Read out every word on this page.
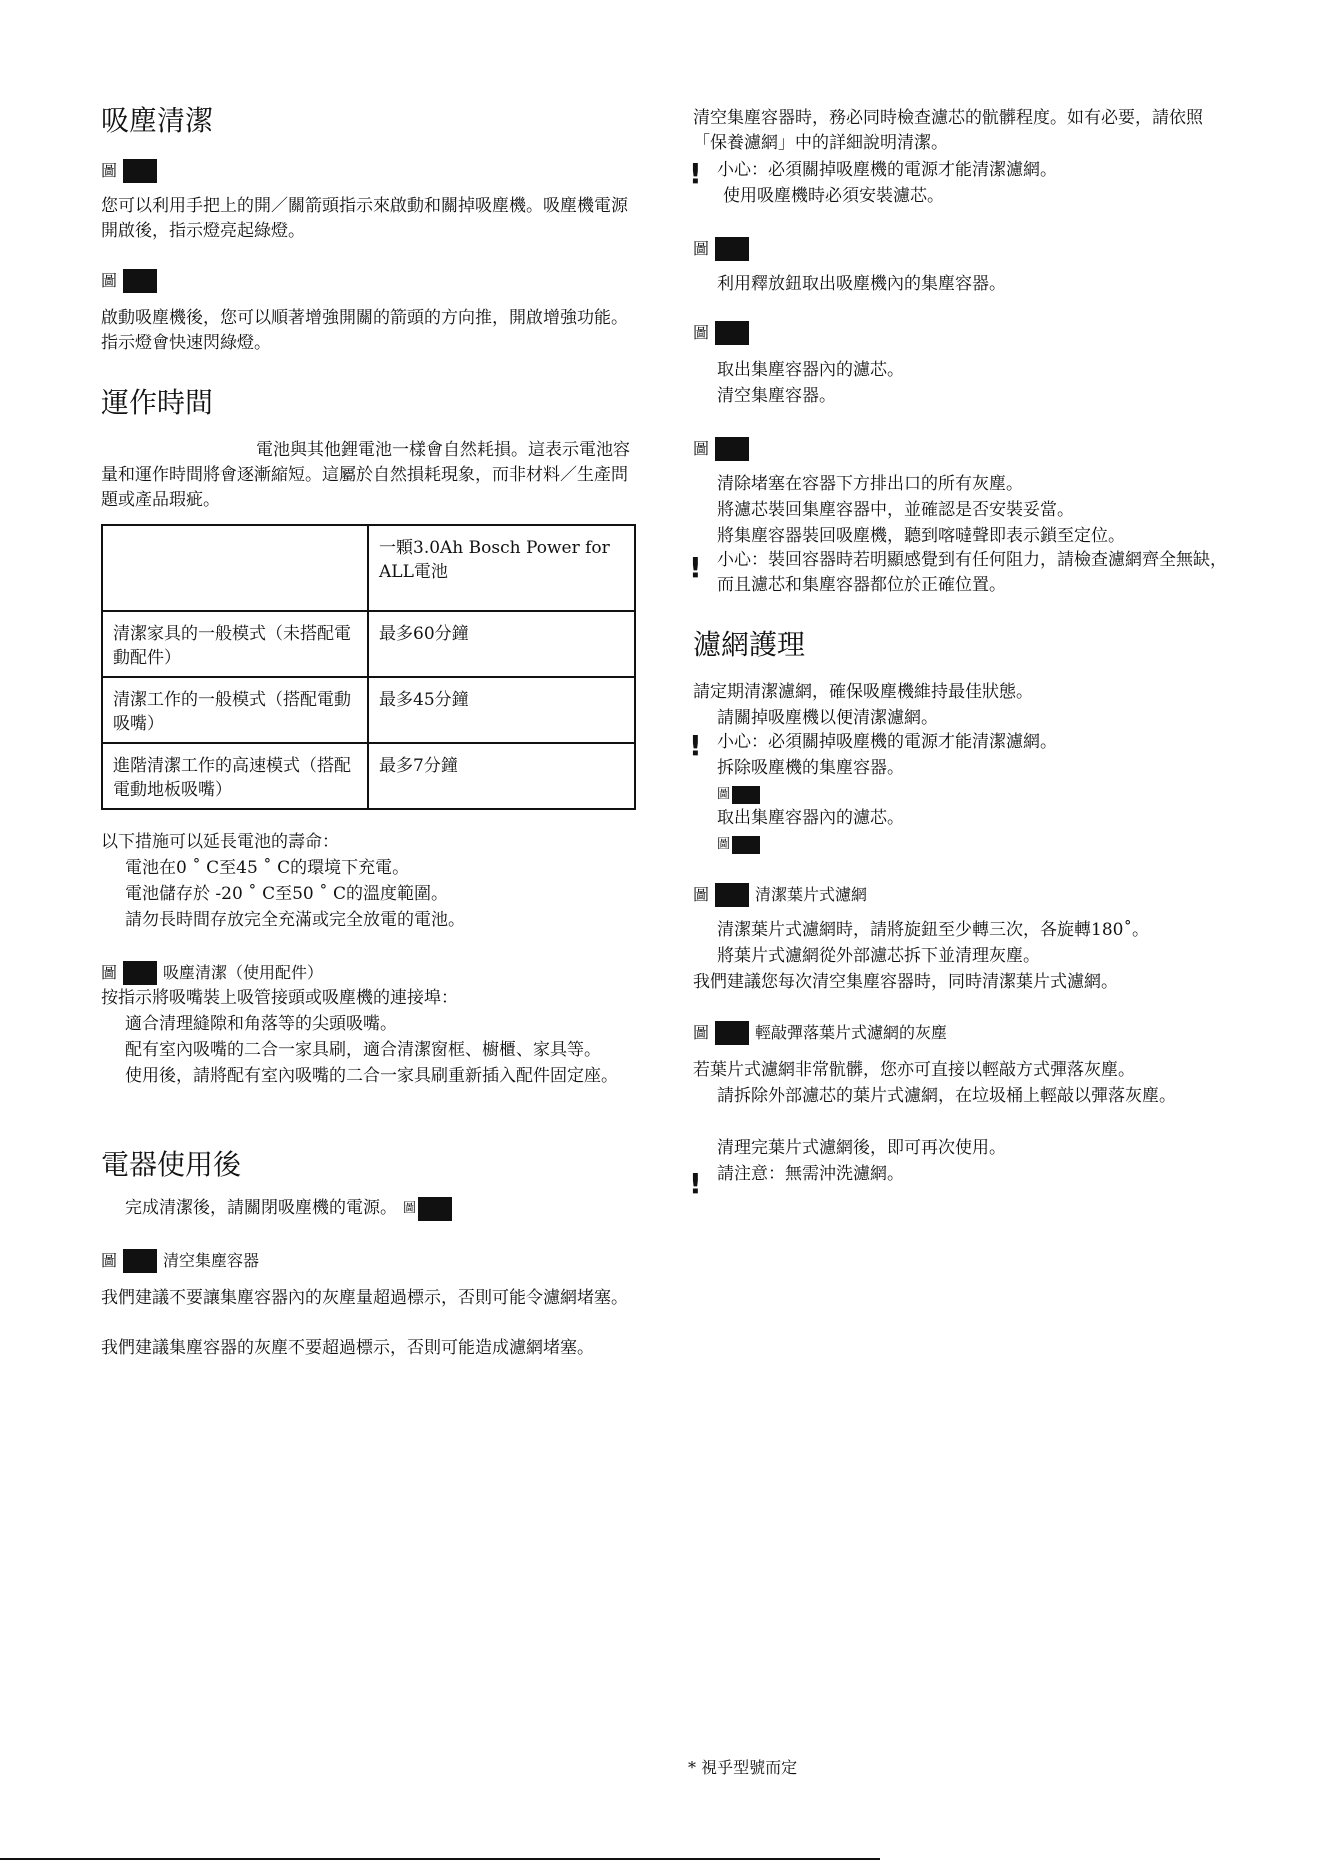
吸塵清潔
圖

您可以利用手把上的開／關箭頭指示來啟動和關掉吸塵機。吸塵機電源開啟後，指示燈亮起綠燈。

圖

啟動吸塵機後，您可以順著增強開關的箭頭的方向推，開啟增強功能。指示燈會快速閃綠燈。

運作時間

電池與其他鋰電池一樣會自然耗損。這表示電池容量和運作時間將會逐漸縮短。這屬於自然損耗現象，而非材料／生產問題或產品瑕疵。

	一顆3.0Ah Bosch Power for ALL電池
清潔家具的一般模式（未搭配電動配件）	最多60分鐘
清潔工作的一般模式（搭配電動吸嘴）	最多45分鐘
進階清潔工作的高速模式（搭配電動地板吸嘴）	最多7分鐘

以下措施可以延長電池的壽命：

電池在0 ˚ C至45 ˚ C的環境下充電。

電池儲存於 -20 ˚ C至50 ˚ C的溫度範圍。

請勿長時間存放完全充滿或完全放電的電池。

圖	吸塵清潔（使用配件）

按指示將吸嘴裝上吸管接頭或吸塵機的連接埠：

適合清理縫隙和角落等的尖頭吸嘴。

配有室內吸嘴的二合一家具刷，適合清潔窗框、櫥櫃、家具等。

使用後，請將配有室內吸嘴的二合一家具刷重新插入配件固定座。

電器使用後
完成清潔後，請關閉吸塵機的電源。 圖
圖	清空集塵容器

我們建議不要讓集塵容器內的灰塵量超過標示，否則可能令濾網堵塞。

我們建議集塵容器的灰塵不要超過標示，否則可能造成濾網堵塞。

清空集塵容器時，務必同時檢查濾芯的骯髒程度。如有必要，請依照「保養濾網」中的詳細說明清潔。

! 小心：必須關掉吸塵機的電源才能清潔濾網。

使用吸塵機時必須安裝濾芯。

圖

利用釋放鈕取出吸塵機內的集塵容器。

圖

取出集塵容器內的濾芯。

清空集塵容器。

圖

清除堵塞在容器下方排出口的所有灰塵。

將濾芯裝回集塵容器中，並確認是否安裝妥當。

將集塵容器裝回吸塵機，聽到喀噠聲即表示鎖至定位。

! 小心：裝回容器時若明顯感覺到有任何阻力，請檢查濾網齊全無缺，而且濾芯和集塵容器都位於正確位置。

濾網護理

請定期清潔濾網，確保吸塵機維持最佳狀態。

請關掉吸塵機以便清潔濾網。

! 小心：必須關掉吸塵機的電源才能清潔濾網。

拆除吸塵機的集塵容器。

圖

取出集塵容器內的濾芯。

圖
圖	清潔葉片式濾網

清潔葉片式濾網時，請將旋鈕至少轉三次，各旋轉180˚。

將葉片式濾網從外部濾芯拆下並清理灰塵。

我們建議您每次清空集塵容器時，同時清潔葉片式濾網。

圖	輕敲彈落葉片式濾網的灰塵

若葉片式濾網非常骯髒，您亦可直接以輕敲方式彈落灰塵。

請拆除外部濾芯的葉片式濾網，在垃圾桶上輕敲以彈落灰塵。

清理完葉片式濾網後，即可再次使用。

! 請注意：無需沖洗濾網。

* 視乎型號而定
